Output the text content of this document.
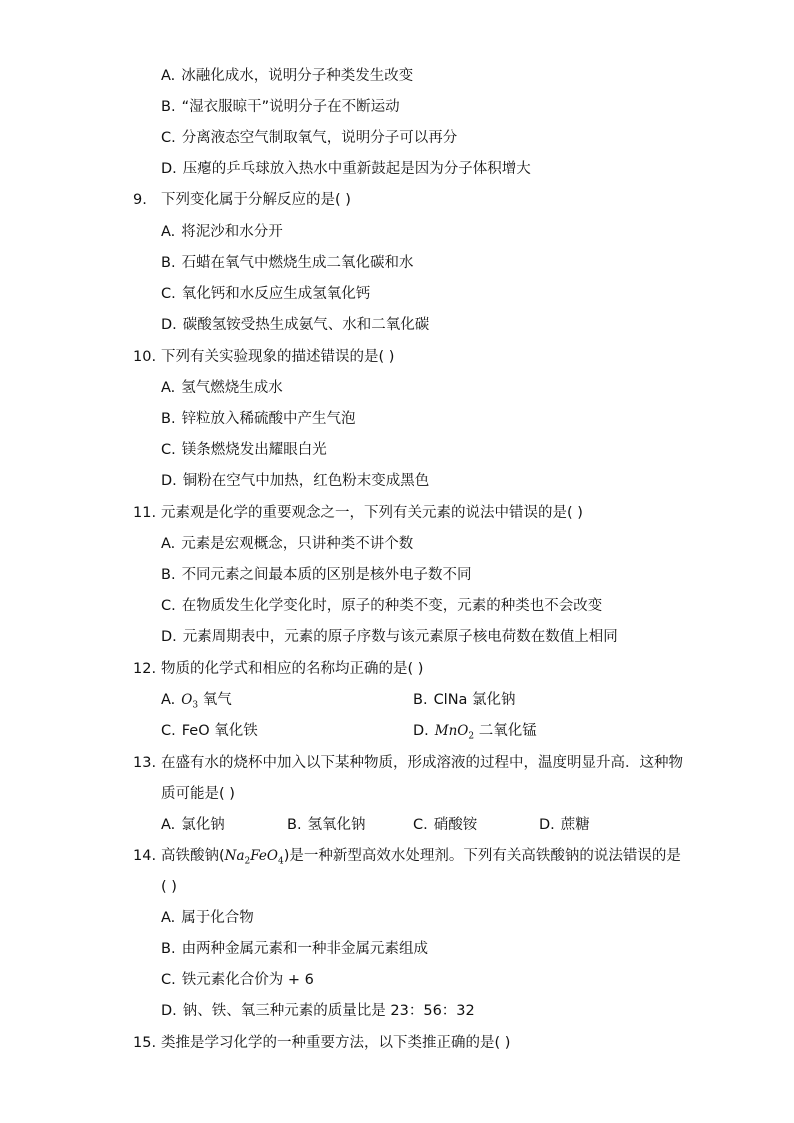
A. 冰融化成水，说明分子种类发生改变
B. “湿衣服晾干”说明分子在不断运动
C. 分离液态空气制取氧气，说明分子可以再分
D. 压瘪的乒乓球放入热水中重新鼓起是因为分子体积增大
9. 下列变化属于分解反应的是( )
A. 将泥沙和水分开
B. 石蜡在氧气中燃烧生成二氧化碳和水
C. 氧化钙和水反应生成氢氧化钙
D. 碳酸氢铵受热生成氨气、水和二氧化碳
10. 下列有关实验现象的描述错误的是( )
A. 氢气燃烧生成水
B. 锌粒放入稀硫酸中产生气泡
C. 镁条燃烧发出耀眼白光
D. 铜粉在空气中加热，红色粉末变成黑色
11. 元素观是化学的重要观念之一，下列有关元素的说法中错误的是( )
A. 元素是宏观概念，只讲种类不讲个数
B. 不同元素之间最本质的区别是核外电子数不同
C. 在物质发生化学变化时，原子的种类不变，元素的种类也不会改变
D. 元素周期表中，元素的原子序数与该元素原子核电荷数在数值上相同
12. 物质的化学式和相应的名称均正确的是( )
A. $O_3$ 氧气	B. ClNa 氯化钠
C. FeO 氧化铁	D. MnO$_2$ 二氧化锰
13. 在盛有水的烧杯中加入以下某种物质，形成溶液的过程中，温度明显升高．这种物
质可能是( )
A. 氯化钠	B. 氢氧化钠	C. 硝酸铵	D. 蔗糖
14. 高铁酸钠$(Na_2FeO_4)$是一种新型高效水处理剂。下列有关高铁酸钠的说法错误的是
( )
A. 属于化合物
B. 由两种金属元素和一种非金属元素组成
C. 铁元素化合价为 + 6
D. 钠、铁、氧三种元素的质量比是 23：56：32
15. 类推是学习化学的一种重要方法，以下类推正确的是( )
